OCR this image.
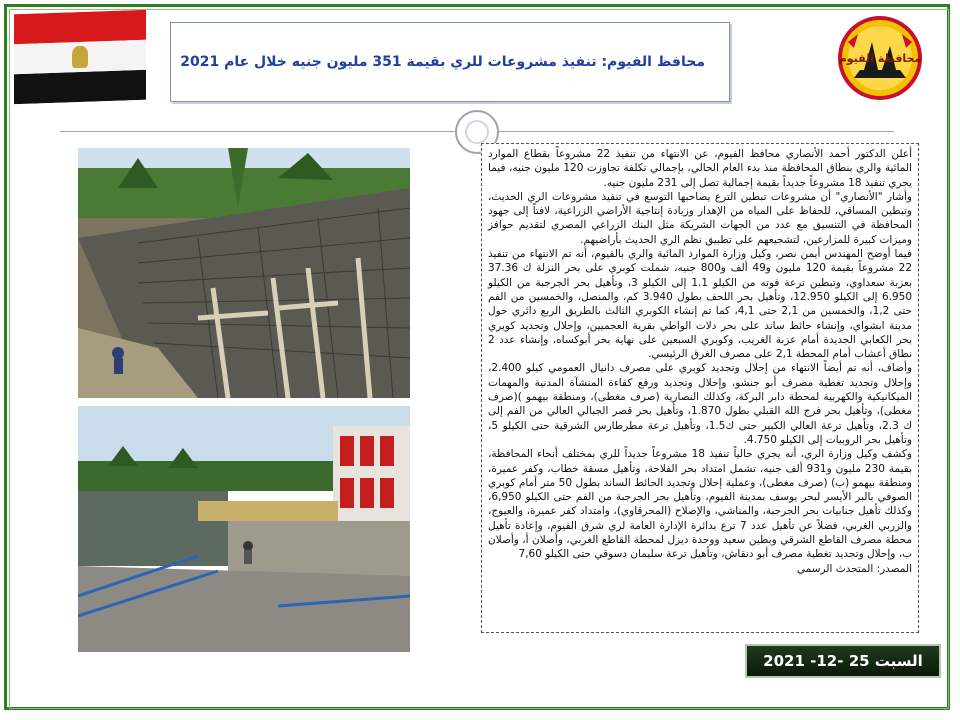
محافظ الفيوم: تنفيذ مشروعات للري بقيمة 351 مليون جنيه خلال عام 2021	محافظة الفيوم

أعلن الدكتور أحمد الأنصاري محافظ الفيوم، عن الانتهاء من تنفيذ 22 مشروعاً بقطاع الموارد المائية والري بنطاق المحافظة منذ بدء العام الحالي، بإجمالي تكلفة تجاوزت 120 مليون جنيه، فيما يجري تنفيذ 18 مشروعاً جديداً بقيمة إجمالية تصل إلى 231 مليون جنيه.

وأشار "الأنصاري" أن مشروعات تبطين الترع يصاحبها التوسع في تنفيذ مشروعات الري الحديث، وتبطين المساقي، للحفاظ على المياه من الإهدار وزيادة إنتاجية الأراضي الزراعية، لافتاً إلى جهود المحافظة في التنسيق مع عدد من الجهات الشريكة مثل البنك الزراعي المصري لتقديم حوافز وميزات كبيرة للمزارعين، لتشجيعهم على تطبيق نظم الري الحديث بأراضيهم.

فيما أوضح المهندس أيمن نصر، وكيل وزارة الموارد المائية والري بالفيوم، أنه تم الانتهاء من تنفيذ 22 مشروعاً بقيمة 120 مليون و49 ألف و800 جنيه، شملت كوبري على بحر النزلة ك 37.36 بعزبة سعداوي، وتبطين ترعة فوته من الكيلو 1.1 إلى الكيلو 3، وتأهيل بحر الجرجبة من الكيلو 6.950 إلى الكيلو 12.950، وتأهيل بحر اللحف بطول 3.940 كم، والمنصل، والخمسين من الفم حتى 1,2، والخمسين من 2,1 حتى 4,1، كما تم إنشاء الكوبري الثالث بالطريق الربع دائري حول مدينة ابشواي، وإنشاء حائط ساند على بحر دلات الواطي بقرية العجميين، وإحلال وتجديد كوبري بحر الكعابي الجديدة أمام عزبة الغريب، وكوبري السبعين على نهاية بحر أبوكساه، وإنشاء عدد 2 نطاق أعشاب أمام المحطة 2,1 على مصرف الغرق الرئيسي.

وأضاف، أنه تم أيضاً الانتهاء من إحلال وتجديد كوبري على مصرف دانيال العمومي كيلو 2.400، وإحلال وتجديد تغطية مصرف أبو جنشو، وإحلال وتجديد ورفع كفاءة المنشآة المدنية والمهمات الميكانيكية والكهربية لمحطة دابر البركة، وكذلك النصارية (صرف مغطى)، ومنطقة بيهمو )(صرف مغطى)، وتأهيل بحر فرج الله القبلي بطول 1.870، وتأهيل بحر قصر الجبالي العالي من الفم إلى ك 2.3، وتأهيل ترعة العالي الكبير حتى ك1.5، وتأهيل ترعة مطرطارس الشرقية حتى الكيلو 5، وتأهيل بحر الروبيات إلى الكيلو 4.750.

وكشف وكيل وزارة الري، أنه يجري حالياً تنفيذ 18 مشروعاً جديداً للري بمختلف أنحاء المحافظة، بقيمة 230 مليون و931 ألف جنيه، تشمل امتداد بحر الفلاحة، وتأهيل مسقة خطاب، وكفر عميرة، ومنطقة بيهمو (ب) (صرف مغطى)، وعملية إحلال وتجديد الحائط الساند بطول 50 متر أمام كوبري الصوفي بالبر الأيسر لبحر يوسف بمدينة الفيوم، وتأهيل بحر الجرجبة من الفم حتى الكيلو 6,950، وكذلك تأهيل جنابيات بحر الجرجبة، والمناشي، والإصلاح (المحرقاوي)، وامتداد كفر عميرة، والعيوج، والزربي الغربي، فضلاً عن تأهيل عدد 7 ترع بدائرة الإدارة العامة لري شرق الفيوم، وإعادة تأهيل محطة مصرف القاطع الشرقي وبطين سعيد ووحدة ديزل لمحطة القاطع الغربي، وأصلان أ، وأصلان ب، وإحلال وتجديد تغطية مصرف أبو دنقاش، وتأهيل ترعة سليمان دسوقي حتى الكيلو 7,60

المصدر: المتحدث الرسمي

السبت 25 -12- 2021
